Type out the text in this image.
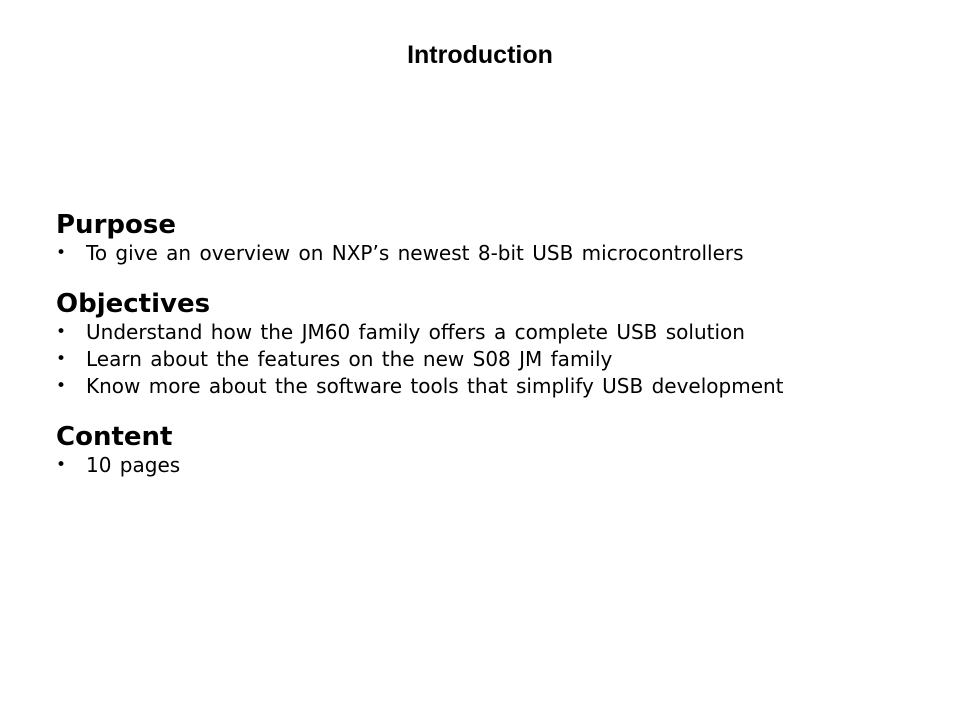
Introduction
Purpose
• To give an overview on NXP’s newest 8-bit USB microcontrollers
Objectives
• Understand how the JM60 family offers a complete USB solution
• Learn about the features on the new S08 JM family
• Know more about the software tools that simplify USB development
Content
• 10 pages
